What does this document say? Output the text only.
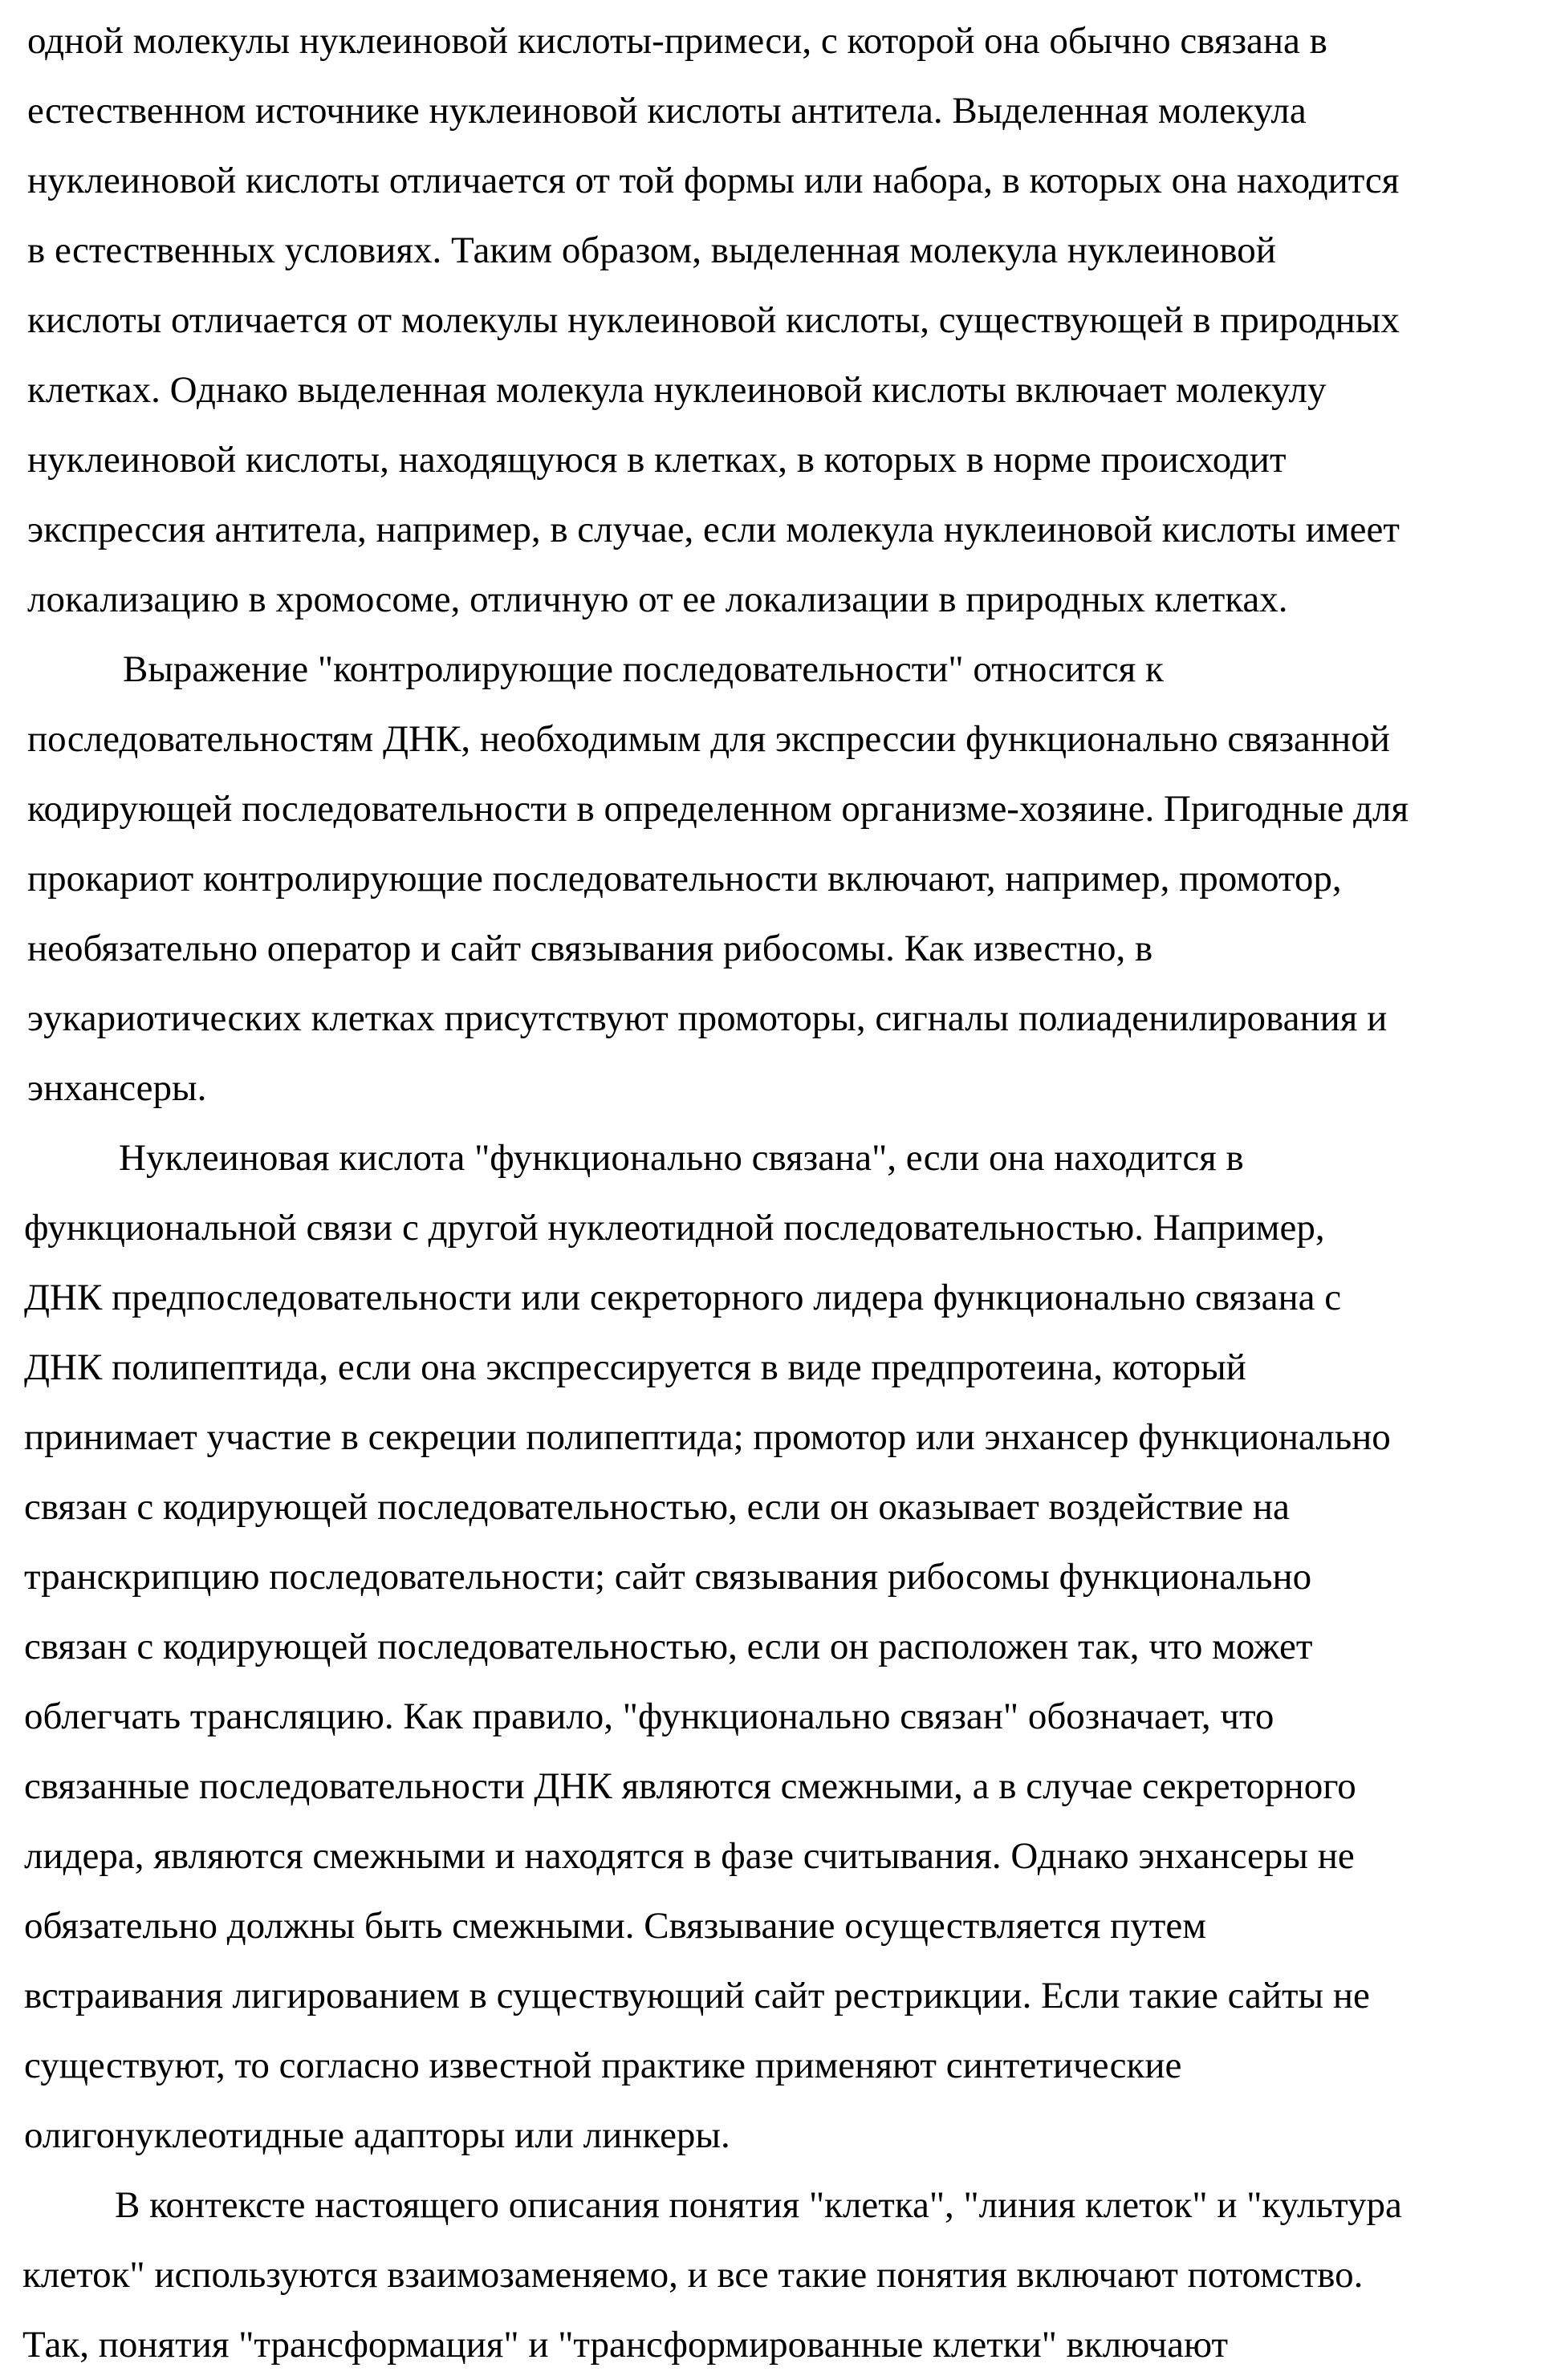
одной молекулы нуклеиновой кислоты-примеси, с которой она обычно связана в
естественном источнике нуклеиновой кислоты антитела. Выделенная молекула
нуклеиновой кислоты отличается от той формы или набора, в которых она находится
в естественных условиях. Таким образом, выделенная молекула нуклеиновой
кислоты отличается от молекулы нуклеиновой кислоты, существующей в природных
клетках. Однако выделенная молекула нуклеиновой кислоты включает молекулу
нуклеиновой кислоты, находящуюся в клетках, в которых в норме происходит
экспрессия антитела, например, в случае, если молекула нуклеиновой кислоты имеет
локализацию в хромосоме, отличную от ее локализации в природных клетках.
Выражение "контролирующие последовательности" относится к
последовательностям ДНК, необходимым для экспрессии функционально связанной
кодирующей последовательности в определенном организме-хозяине. Пригодные для
прокариот контролирующие последовательности включают, например, промотор,
необязательно оператор и сайт связывания рибосомы. Как известно, в
эукариотических клетках присутствуют промоторы, сигналы полиаденилирования и
энхансеры.
Нуклеиновая кислота "функционально связана", если она находится в
функциональной связи с другой нуклеотидной последовательностью. Например,
ДНК предпоследовательности или секреторного лидера функционально связана с
ДНК полипептида, если она экспрессируется в виде предпротеина, который
принимает участие в секреции полипептида; промотор или энхансер функционально
связан с кодирующей последовательностью, если он оказывает воздействие на
транскрипцию последовательности; сайт связывания рибосомы функционально
связан с кодирующей последовательностью, если он расположен так, что может
облегчать трансляцию. Как правило, "функционально связан" обозначает, что
связанные последовательности ДНК являются смежными, а в случае секреторного
лидера, являются смежными и находятся в фазе считывания. Однако энхансеры не
обязательно должны быть смежными. Связывание осуществляется путем
встраивания лигированием в существующий сайт рестрикции. Если такие сайты не
существуют, то согласно известной практике применяют синтетические
олигонуклеотидные адапторы или линкеры.
В контексте настоящего описания понятия "клетка", "линия клеток" и "культура
клеток" используются взаимозаменяемо, и все такие понятия включают потомство.
Так, понятия "трансформация" и "трансформированные клетки" включают
